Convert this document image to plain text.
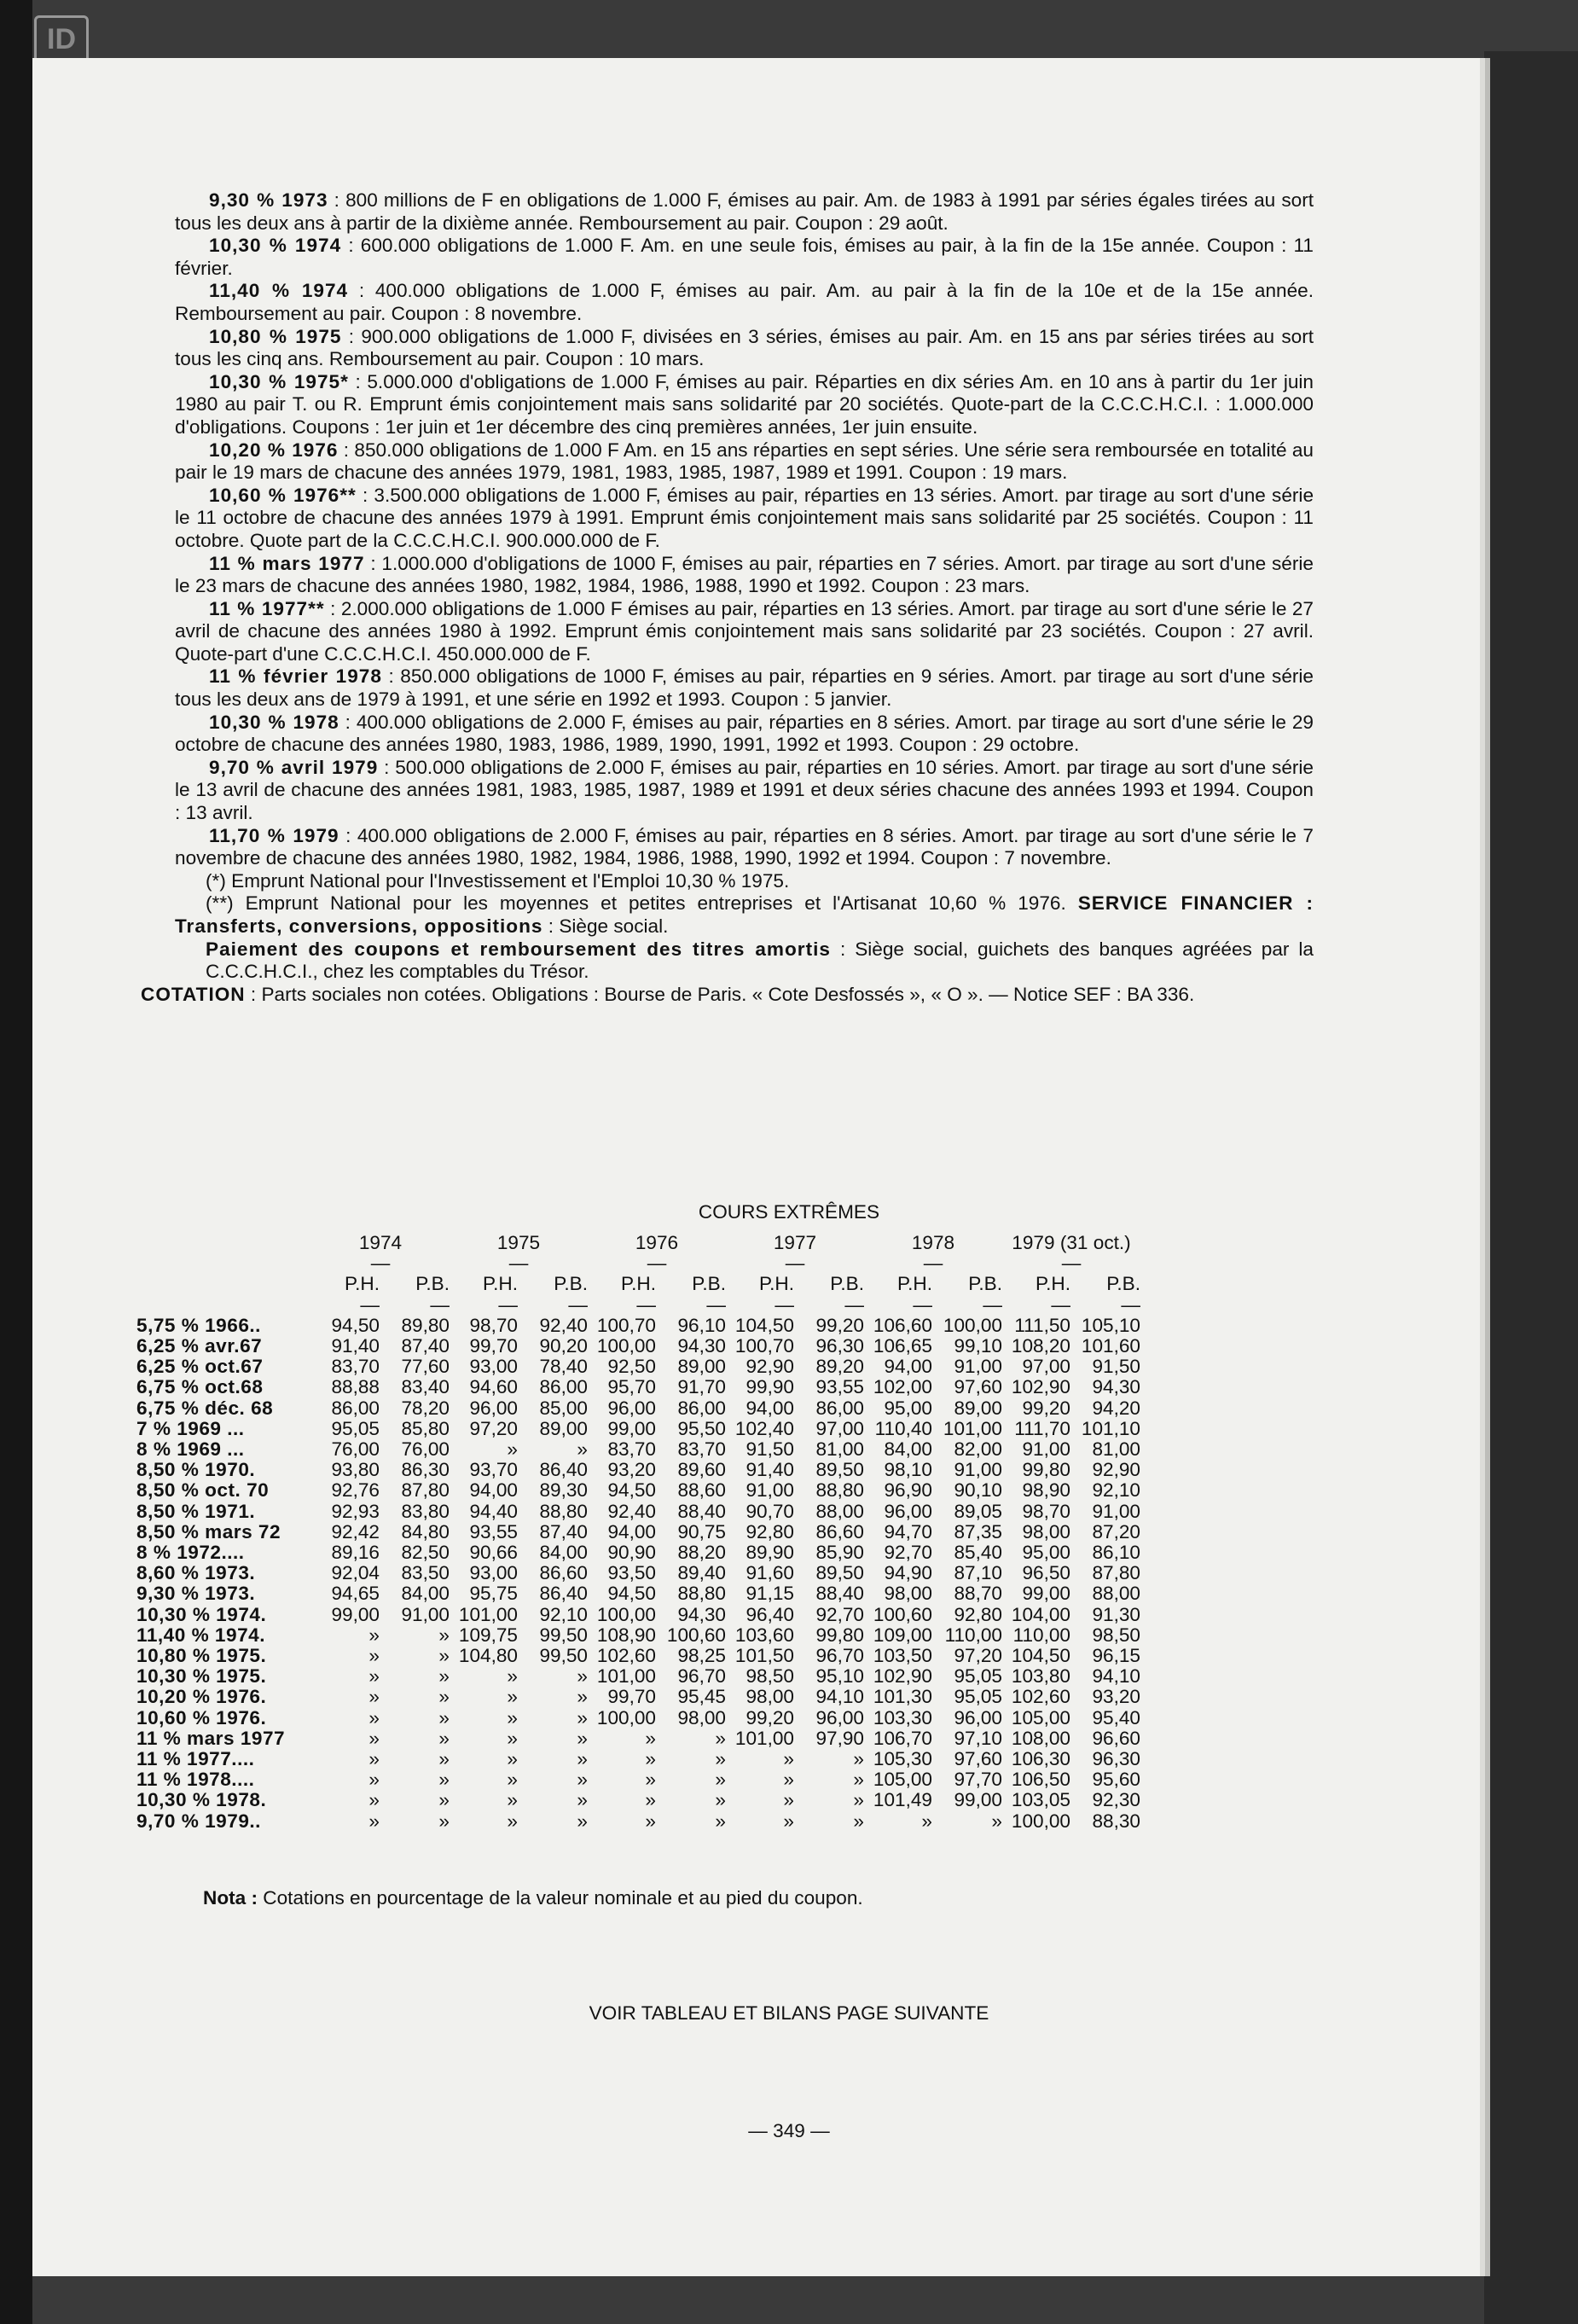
ID

9,30 % 1973 : 800 millions de F en obligations de 1.000 F, émises au pair. Am. de 1983 à 1991 par séries égales tirées au sort tous les deux ans à partir de la dixième année. Remboursement au pair. Coupon : 29 août.

10,30 % 1974 : 600.000 obligations de 1.000 F. Am. en une seule fois, émises au pair, à la fin de la 15e année. Coupon : 11 février.

11,40 % 1974 : 400.000 obligations de 1.000 F, émises au pair. Am. au pair à la fin de la 10e et de la 15e année. Remboursement au pair. Coupon : 8 novembre.

10,80 % 1975 : 900.000 obligations de 1.000 F, divisées en 3 séries, émises au pair. Am. en 15 ans par séries tirées au sort tous les cinq ans. Remboursement au pair. Coupon : 10 mars.

10,30 % 1975* : 5.000.000 d'obligations de 1.000 F, émises au pair. Réparties en dix séries Am. en 10 ans à partir du 1er juin 1980 au pair T. ou R. Emprunt émis conjointement mais sans solidarité par 20 sociétés. Quote-part de la C.C.C.H.C.I. : 1.000.000 d'obligations. Coupons : 1er juin et 1er décembre des cinq premières années, 1er juin ensuite.

10,20 % 1976 : 850.000 obligations de 1.000 F Am. en 15 ans réparties en sept séries. Une série sera remboursée en totalité au pair le 19 mars de chacune des années 1979, 1981, 1983, 1985, 1987, 1989 et 1991. Coupon : 19 mars.

10,60 % 1976** : 3.500.000 obligations de 1.000 F, émises au pair, réparties en 13 séries. Amort. par tirage au sort d'une série le 11 octobre de chacune des années 1979 à 1991. Emprunt émis conjointement mais sans solidarité par 25 sociétés. Coupon : 11 octobre. Quote part de la C.C.C.H.C.I. 900.000.000 de F.

11 % mars 1977 : 1.000.000 d'obligations de 1000 F, émises au pair, réparties en 7 séries. Amort. par tirage au sort d'une série le 23 mars de chacune des années 1980, 1982, 1984, 1986, 1988, 1990 et 1992. Coupon : 23 mars.

11 % 1977** : 2.000.000 obligations de 1.000 F émises au pair, réparties en 13 séries. Amort. par tirage au sort d'une série le 27 avril de chacune des années 1980 à 1992. Emprunt émis conjointement mais sans solidarité par 23 sociétés. Coupon : 27 avril. Quote-part d'une C.C.C.H.C.I. 450.000.000 de F.

11 % février 1978 : 850.000 obligations de 1000 F, émises au pair, réparties en 9 séries. Amort. par tirage au sort d'une série tous les deux ans de 1979 à 1991, et une série en 1992 et 1993. Coupon : 5 janvier.

10,30 % 1978 : 400.000 obligations de 2.000 F, émises au pair, réparties en 8 séries. Amort. par tirage au sort d'une série le 29 octobre de chacune des années 1980, 1983, 1986, 1989, 1990, 1991, 1992 et 1993. Coupon : 29 octobre.

9,70 % avril 1979 : 500.000 obligations de 2.000 F, émises au pair, réparties en 10 séries. Amort. par tirage au sort d'une série le 13 avril de chacune des années 1981, 1983, 1985, 1987, 1989 et 1991 et deux séries chacune des années 1993 et 1994. Coupon : 13 avril.

11,70 % 1979 : 400.000 obligations de 2.000 F, émises au pair, réparties en 8 séries. Amort. par tirage au sort d'une série le 7 novembre de chacune des années 1980, 1982, 1984, 1986, 1988, 1990, 1992 et 1994. Coupon : 7 novembre.

(*) Emprunt National pour l'Investissement et l'Emploi 10,30 % 1975.

(**) Emprunt National pour les moyennes et petites entreprises et l'Artisanat 10,60 % 1976. SERVICE FINANCIER : Transferts, conversions, oppositions : Siège social.

Paiement des coupons et remboursement des titres amortis : Siège social, guichets des banques agréées par la C.C.C.H.C.I., chez les comptables du Trésor.

COTATION : Parts sociales non cotées. Obligations : Bourse de Paris. « Cote Desfossés », « O ». — Notice SEF : BA 336.

COURS EXTRÊMES
	1974		1975		1976		1977		1978		1979 (31 oct.)	
	—		—		—		—		—		—	
	P.H.	P.B.	P.H.	P.B.	P.H.	P.B.	P.H.	P.B.	P.H.	P.B.	P.H.	P.B.
	—	—	—	—	—	—	—	—	—	—	—	—
5,75 % 1966..	94,50	89,80	98,70	92,40	100,70	96,10	104,50	99,20	106,60	100,00	111,50	105,10
6,25 % avr.67	91,40	87,40	99,70	90,20	100,00	94,30	100,70	96,30	106,65	99,10	108,20	101,60
6,25 % oct.67	83,70	77,60	93,00	78,40	92,50	89,00	92,90	89,20	94,00	91,00	97,00	91,50
6,75 % oct.68	88,88	83,40	94,60	86,00	95,70	91,70	99,90	93,55	102,00	97,60	102,90	94,30
6,75 % déc. 68	86,00	78,20	96,00	85,00	96,00	86,00	94,00	86,00	95,00	89,00	99,20	94,20
7 % 1969 ...	95,05	85,80	97,20	89,00	99,00	95,50	102,40	97,00	110,40	101,00	111,70	101,10
8 % 1969 ...	76,00	76,00	»	»	83,70	83,70	91,50	81,00	84,00	82,00	91,00	81,00
8,50 % 1970.	93,80	86,30	93,70	86,40	93,20	89,60	91,40	89,50	98,10	91,00	99,80	92,90
8,50 % oct. 70	92,76	87,80	94,00	89,30	94,50	88,60	91,00	88,80	96,90	90,10	98,90	92,10
8,50 % 1971.	92,93	83,80	94,40	88,80	92,40	88,40	90,70	88,00	96,00	89,05	98,70	91,00
8,50 % mars 72	92,42	84,80	93,55	87,40	94,00	90,75	92,80	86,60	94,70	87,35	98,00	87,20
8 % 1972....	89,16	82,50	90,66	84,00	90,90	88,20	89,90	85,90	92,70	85,40	95,00	86,10
8,60 % 1973.	92,04	83,50	93,00	86,60	93,50	89,40	91,60	89,50	94,90	87,10	96,50	87,80
9,30 % 1973.	94,65	84,00	95,75	86,40	94,50	88,80	91,15	88,40	98,00	88,70	99,00	88,00
10,30 % 1974.	99,00	91,00	101,00	92,10	100,00	94,30	96,40	92,70	100,60	92,80	104,00	91,30
11,40 % 1974.	»	»	109,75	99,50	108,90	100,60	103,60	99,80	109,00	110,00	110,00	98,50
10,80 % 1975.	»	»	104,80	99,50	102,60	98,25	101,50	96,70	103,50	97,20	104,50	96,15
10,30 % 1975.	»	»	»	»	101,00	96,70	98,50	95,10	102,90	95,05	103,80	94,10
10,20 % 1976.	»	»	»	»	99,70	95,45	98,00	94,10	101,30	95,05	102,60	93,20
10,60 % 1976.	»	»	»	»	100,00	98,00	99,20	96,00	103,30	96,00	105,00	95,40
11 % mars 1977	»	»	»	»	»	»	101,00	97,90	106,70	97,10	108,00	96,60
11 % 1977....	»	»	»	»	»	»	»	»	105,30	97,60	106,30	96,30
11 % 1978....	»	»	»	»	»	»	»	»	105,00	97,70	106,50	95,60
10,30 % 1978.	»	»	»	»	»	»	»	»	101,49	99,00	103,05	92,30
9,70 % 1979..	»	»	»	»	»	»	»	»	»	»	100,00	88,30
Nota : Cotations en pourcentage de la valeur nominale et au pied du coupon.
VOIR TABLEAU ET BILANS PAGE SUIVANTE
— 349 —
